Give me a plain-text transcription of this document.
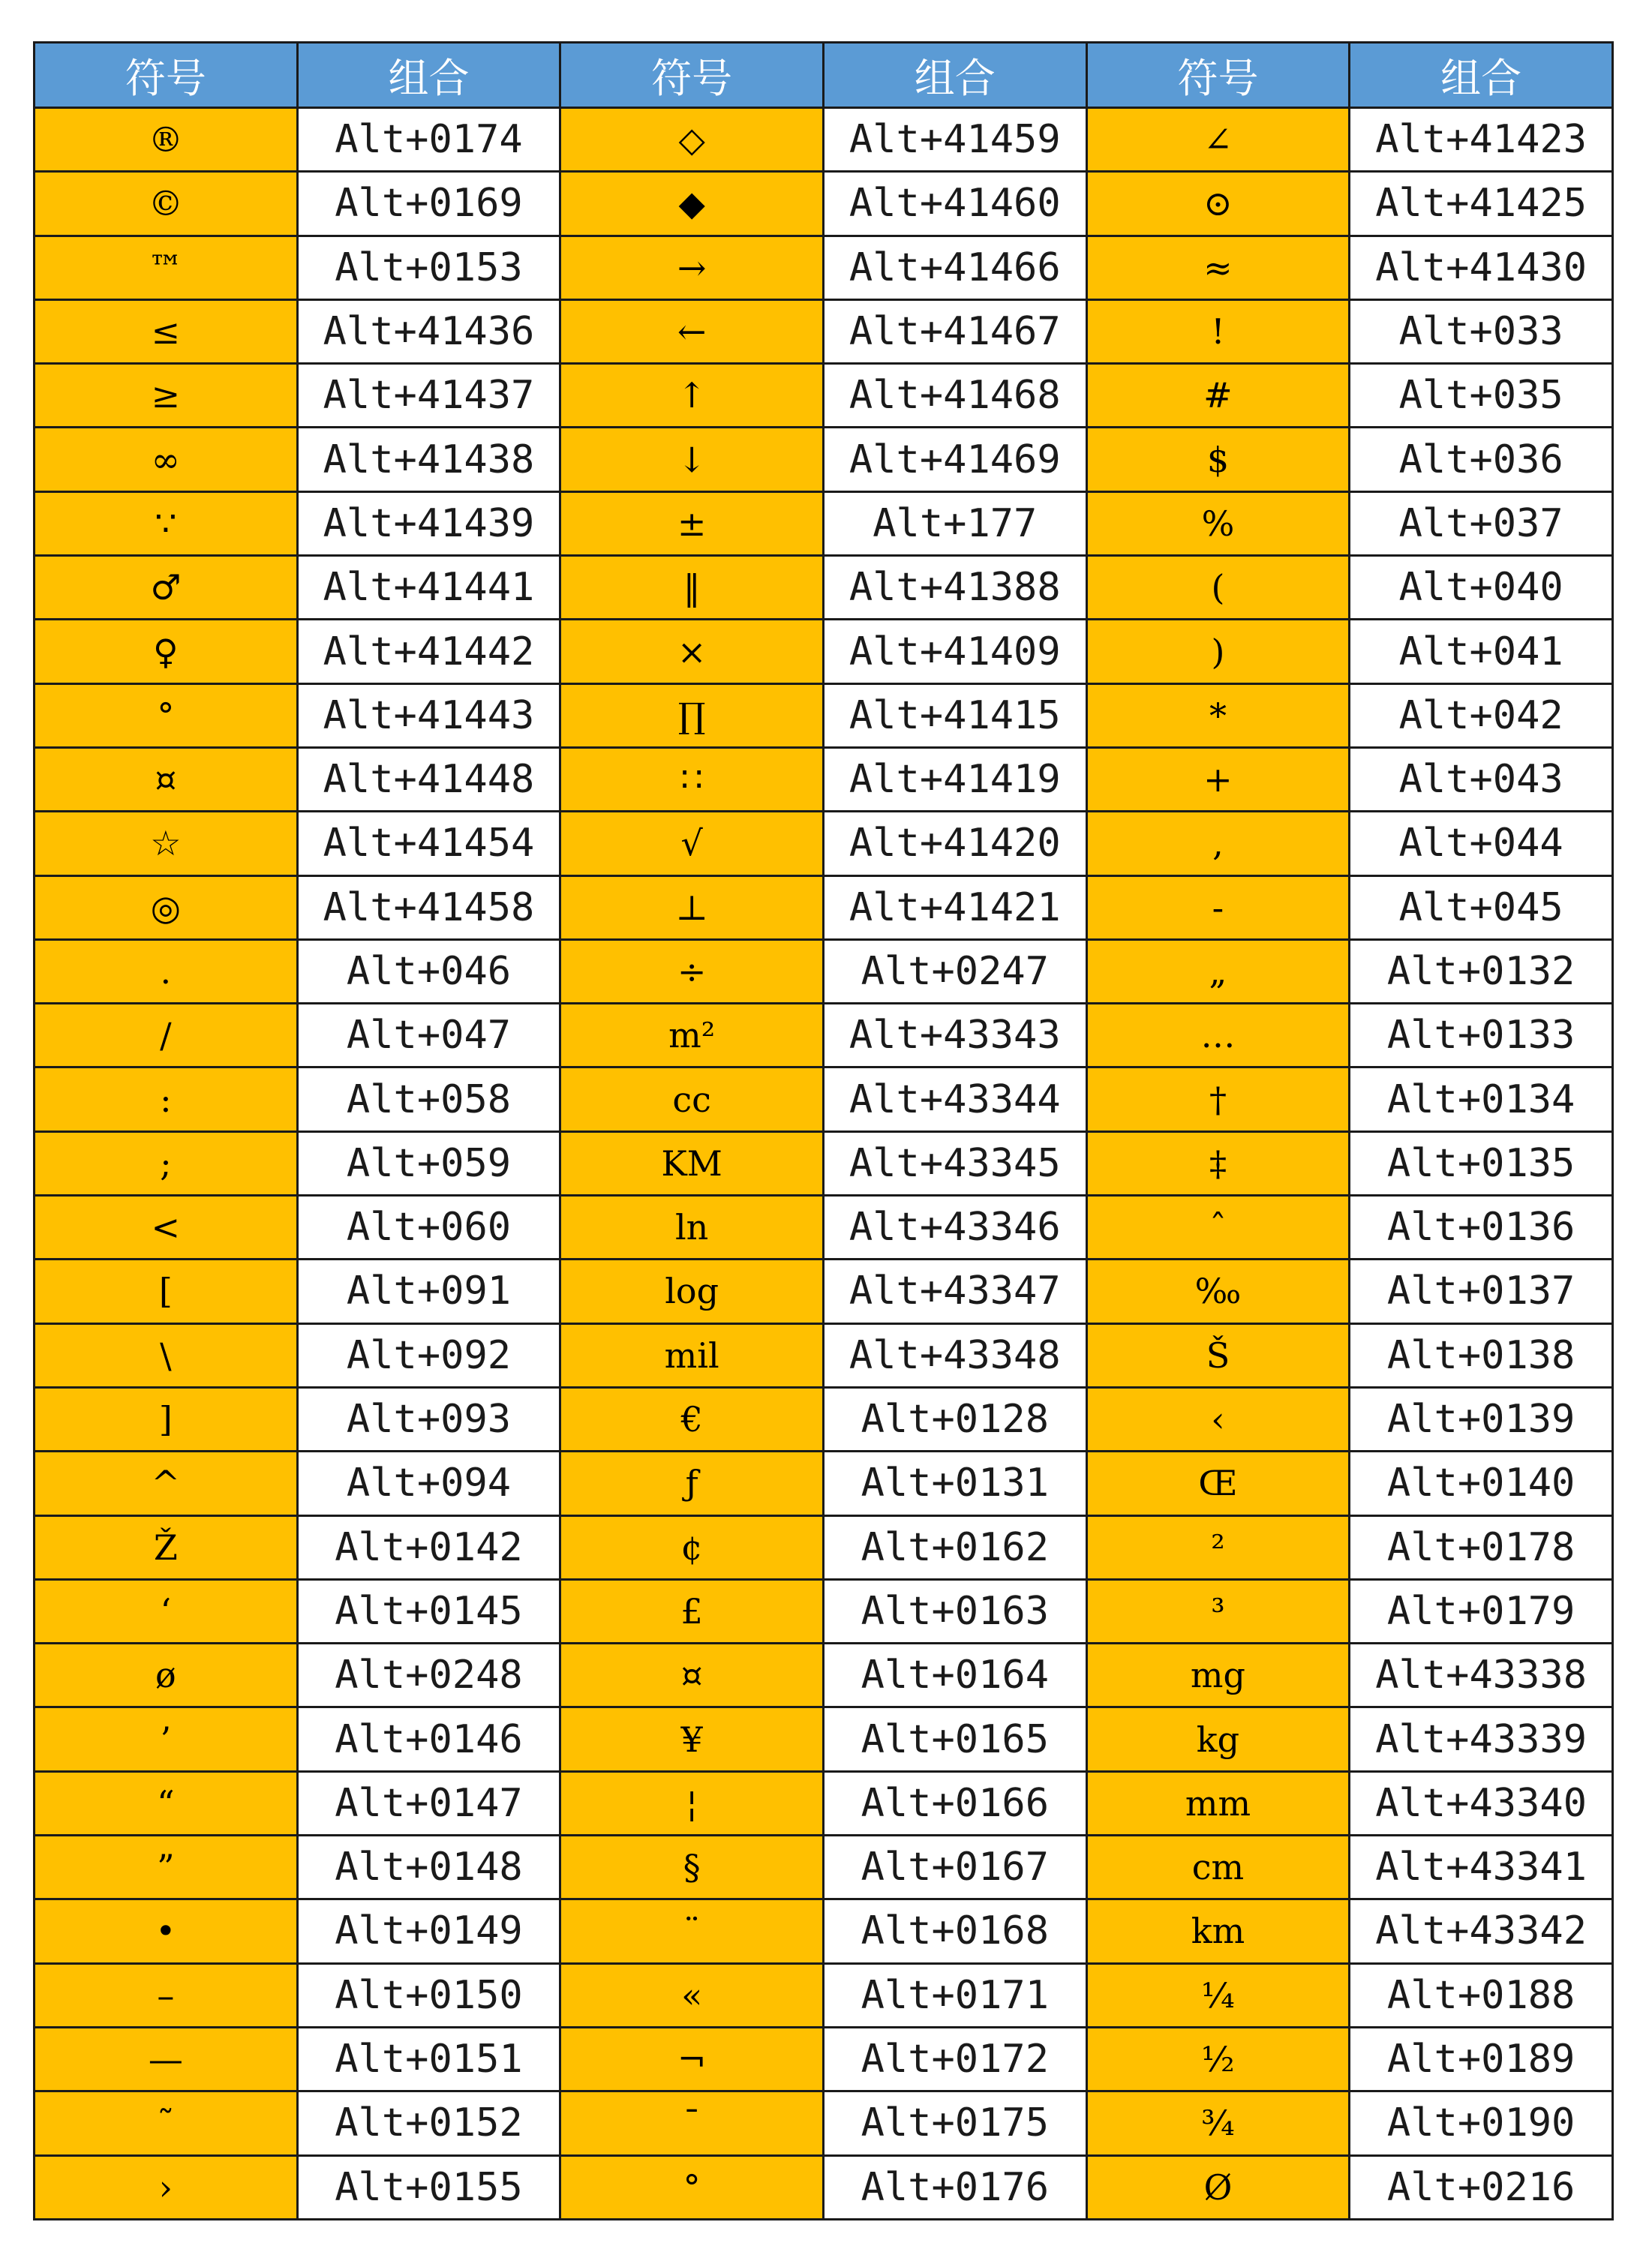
符号	组合	符号	组合	符号	组合
®	Alt+0174	◇	Alt+41459	∠	Alt+41423
©	Alt+0169	◆	Alt+41460	⊙	Alt+41425
™	Alt+0153	→	Alt+41466	≈	Alt+41430
≤	Alt+41436	←	Alt+41467	!	Alt+033
≥	Alt+41437	↑	Alt+41468	#	Alt+035
∞	Alt+41438	↓	Alt+41469	$	Alt+036
∵	Alt+41439	±	Alt+177	%	Alt+037
♂	Alt+41441	‖	Alt+41388	(	Alt+040
♀	Alt+41442	×	Alt+41409	)	Alt+041
°	Alt+41443	∏	Alt+41415	*	Alt+042
¤	Alt+41448	∷	Alt+41419	+	Alt+043
☆	Alt+41454	√	Alt+41420	,	Alt+044
◎	Alt+41458	⊥	Alt+41421	-	Alt+045
.	Alt+046	÷	Alt+0247	„	Alt+0132
/	Alt+047	m²	Alt+43343	…	Alt+0133
:	Alt+058	cc	Alt+43344	†	Alt+0134
;	Alt+059	KM	Alt+43345	‡	Alt+0135
<	Alt+060	ln	Alt+43346	ˆ	Alt+0136
[	Alt+091	log	Alt+43347	‰	Alt+0137
\	Alt+092	mil	Alt+43348	Š	Alt+0138
]	Alt+093	€	Alt+0128	‹	Alt+0139
^	Alt+094	ƒ	Alt+0131	Œ	Alt+0140
Ž	Alt+0142	¢	Alt+0162	²	Alt+0178
‘	Alt+0145	£	Alt+0163	³	Alt+0179
ø	Alt+0248	¤	Alt+0164	mg	Alt+43338
’	Alt+0146	¥	Alt+0165	kg	Alt+43339
“	Alt+0147	¦	Alt+0166	mm	Alt+43340
”	Alt+0148	§	Alt+0167	cm	Alt+43341
•	Alt+0149	¨	Alt+0168	km	Alt+43342
–	Alt+0150	«	Alt+0171	¼	Alt+0188
—	Alt+0151	¬	Alt+0172	½	Alt+0189
˜	Alt+0152	¯	Alt+0175	¾	Alt+0190
›	Alt+0155	°	Alt+0176	Ø	Alt+0216
